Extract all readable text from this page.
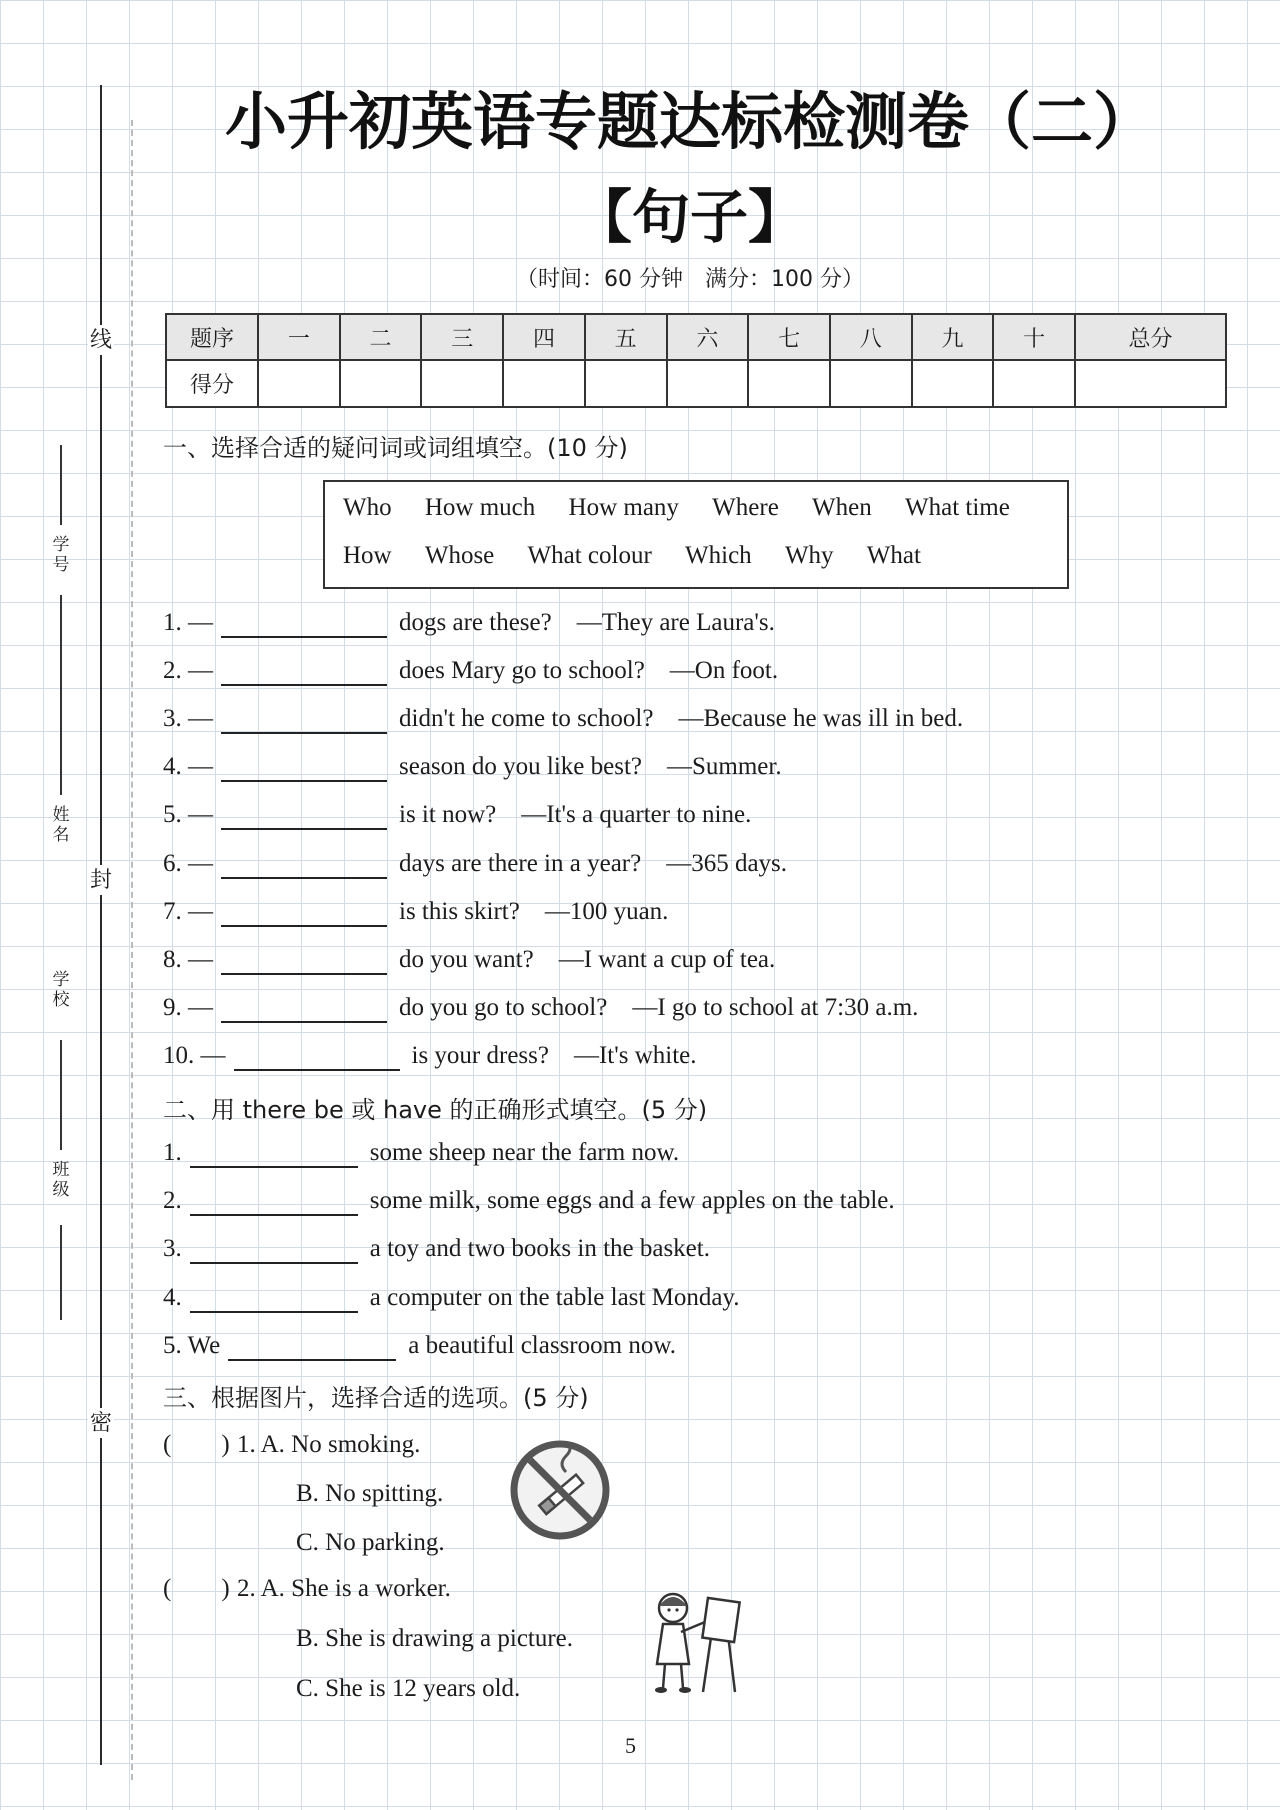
线
封
密
学号
姓名
学校
班级
小升初英语专题达标检测卷（二）
【句子】
（时间：60 分钟　满分：100 分）
题序	一	二	三	四	五	六	七	八	九	十	总分
得分											
一、选择合适的疑问词或词组填空。(10 分)
Who How much How many Where When What time
How Whose What colour Which Why What
1. —	dogs are these?　—They are Laura's.
2. —	does Mary go to school?　—On foot.
3. —	didn't he come to school?　—Because he was ill in bed.
4. —	season do you like best?　—Summer.
5. —	is it now?　—It's a quarter to nine.
6. —	days are there in a year?　—365 days.
7. —	is this skirt?　—100 yuan.
8. —	do you want?　—I want a cup of tea.
9. —	do you go to school?　—I go to school at 7:30 a.m.
10. —	is your dress?　—It's white.
二、用 there be 或 have 的正确形式填空。(5 分)
1.	some sheep near the farm now.
2.	some milk, some eggs and a few apples on the table.
3.	a toy and two books in the basket.
4.	a computer on the table last Monday.
5. We	a beautiful classroom now.
三、根据图片，选择合适的选项。(5 分)
(　　) 1. A. No smoking.
B. No spitting.
C. No parking.
(　　) 2. A. She is a worker.
B. She is drawing a picture.
C. She is 12 years old.
5
